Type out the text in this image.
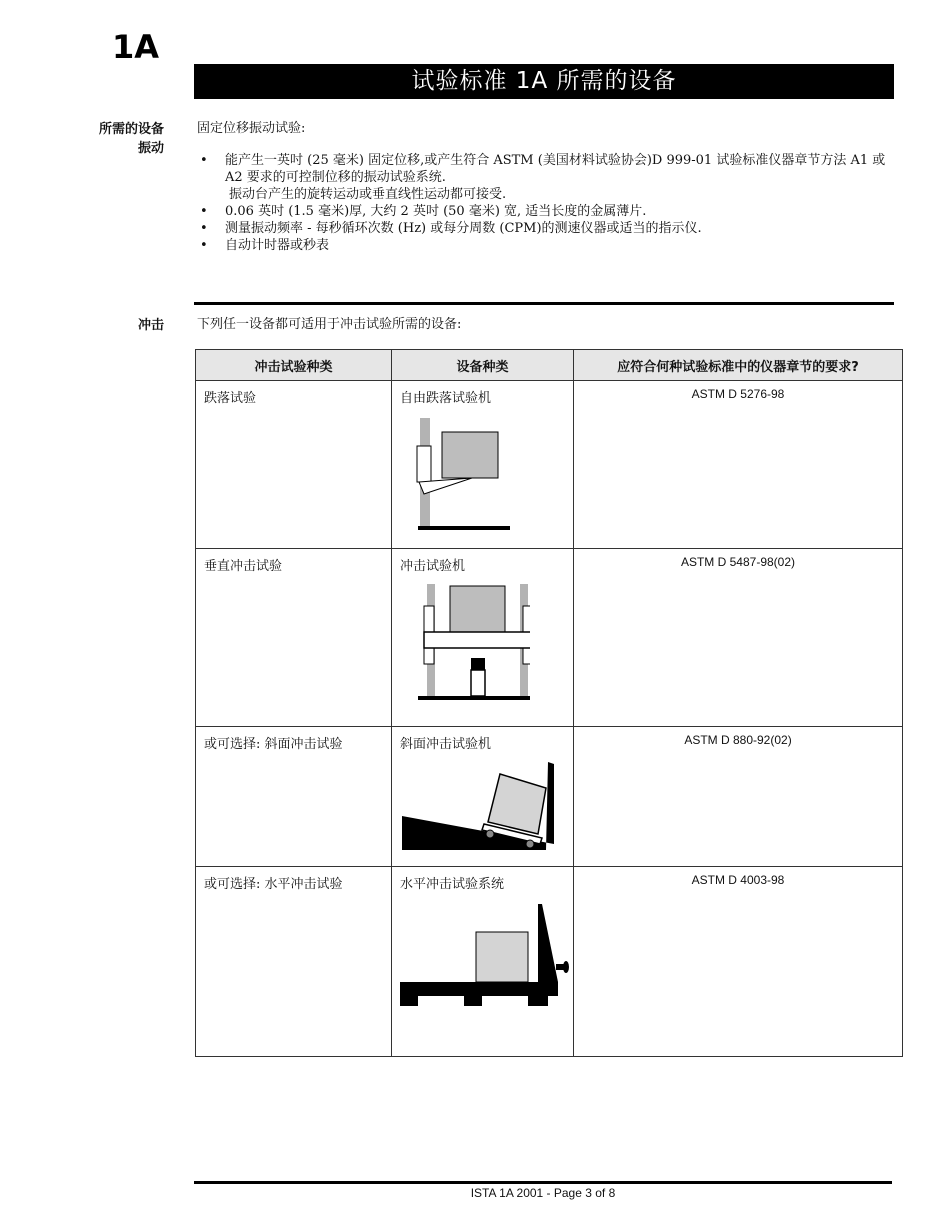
1A
试验标准 1A 所需的设备
所需的设备
振动
固定位移振动试验:
• 能产生一英吋 (25 毫米) 固定位移,或产生符合 ASTM (美国材料试验协会)D 999-01 试验标准仪器章节方法 A1 或 A2 要求的可控制位移的振动试验系统.
振动台产生的旋转运动或垂直线性运动都可接受.
• 0.06 英吋 (1.5 毫米)厚, 大约 2 英吋 (50 毫米) 宽, 适当长度的金属薄片.
• 测量振动频率 - 每秒循环次数 (Hz) 或每分周数 (CPM)的测速仪器或适当的指示仪.
• 自动计时器或秒表
冲击	下列任一设备都可适用于冲击试验所需的设备:
冲击试验种类	设备种类	应符合何种试验标准中的仪器章节的要求?
跌落试验	自由跌落试验机	ASTM D 5276-98
垂直冲击试验	冲击试验机	ASTM D 5487-98(02)
或可选择: 斜面冲击试验	斜面冲击试验机	ASTM D 880-92(02)
或可选择: 水平冲击试验	水平冲击试验系统	ASTM D 4003-98
ISTA 1A 2001 - Page 3 of 8
